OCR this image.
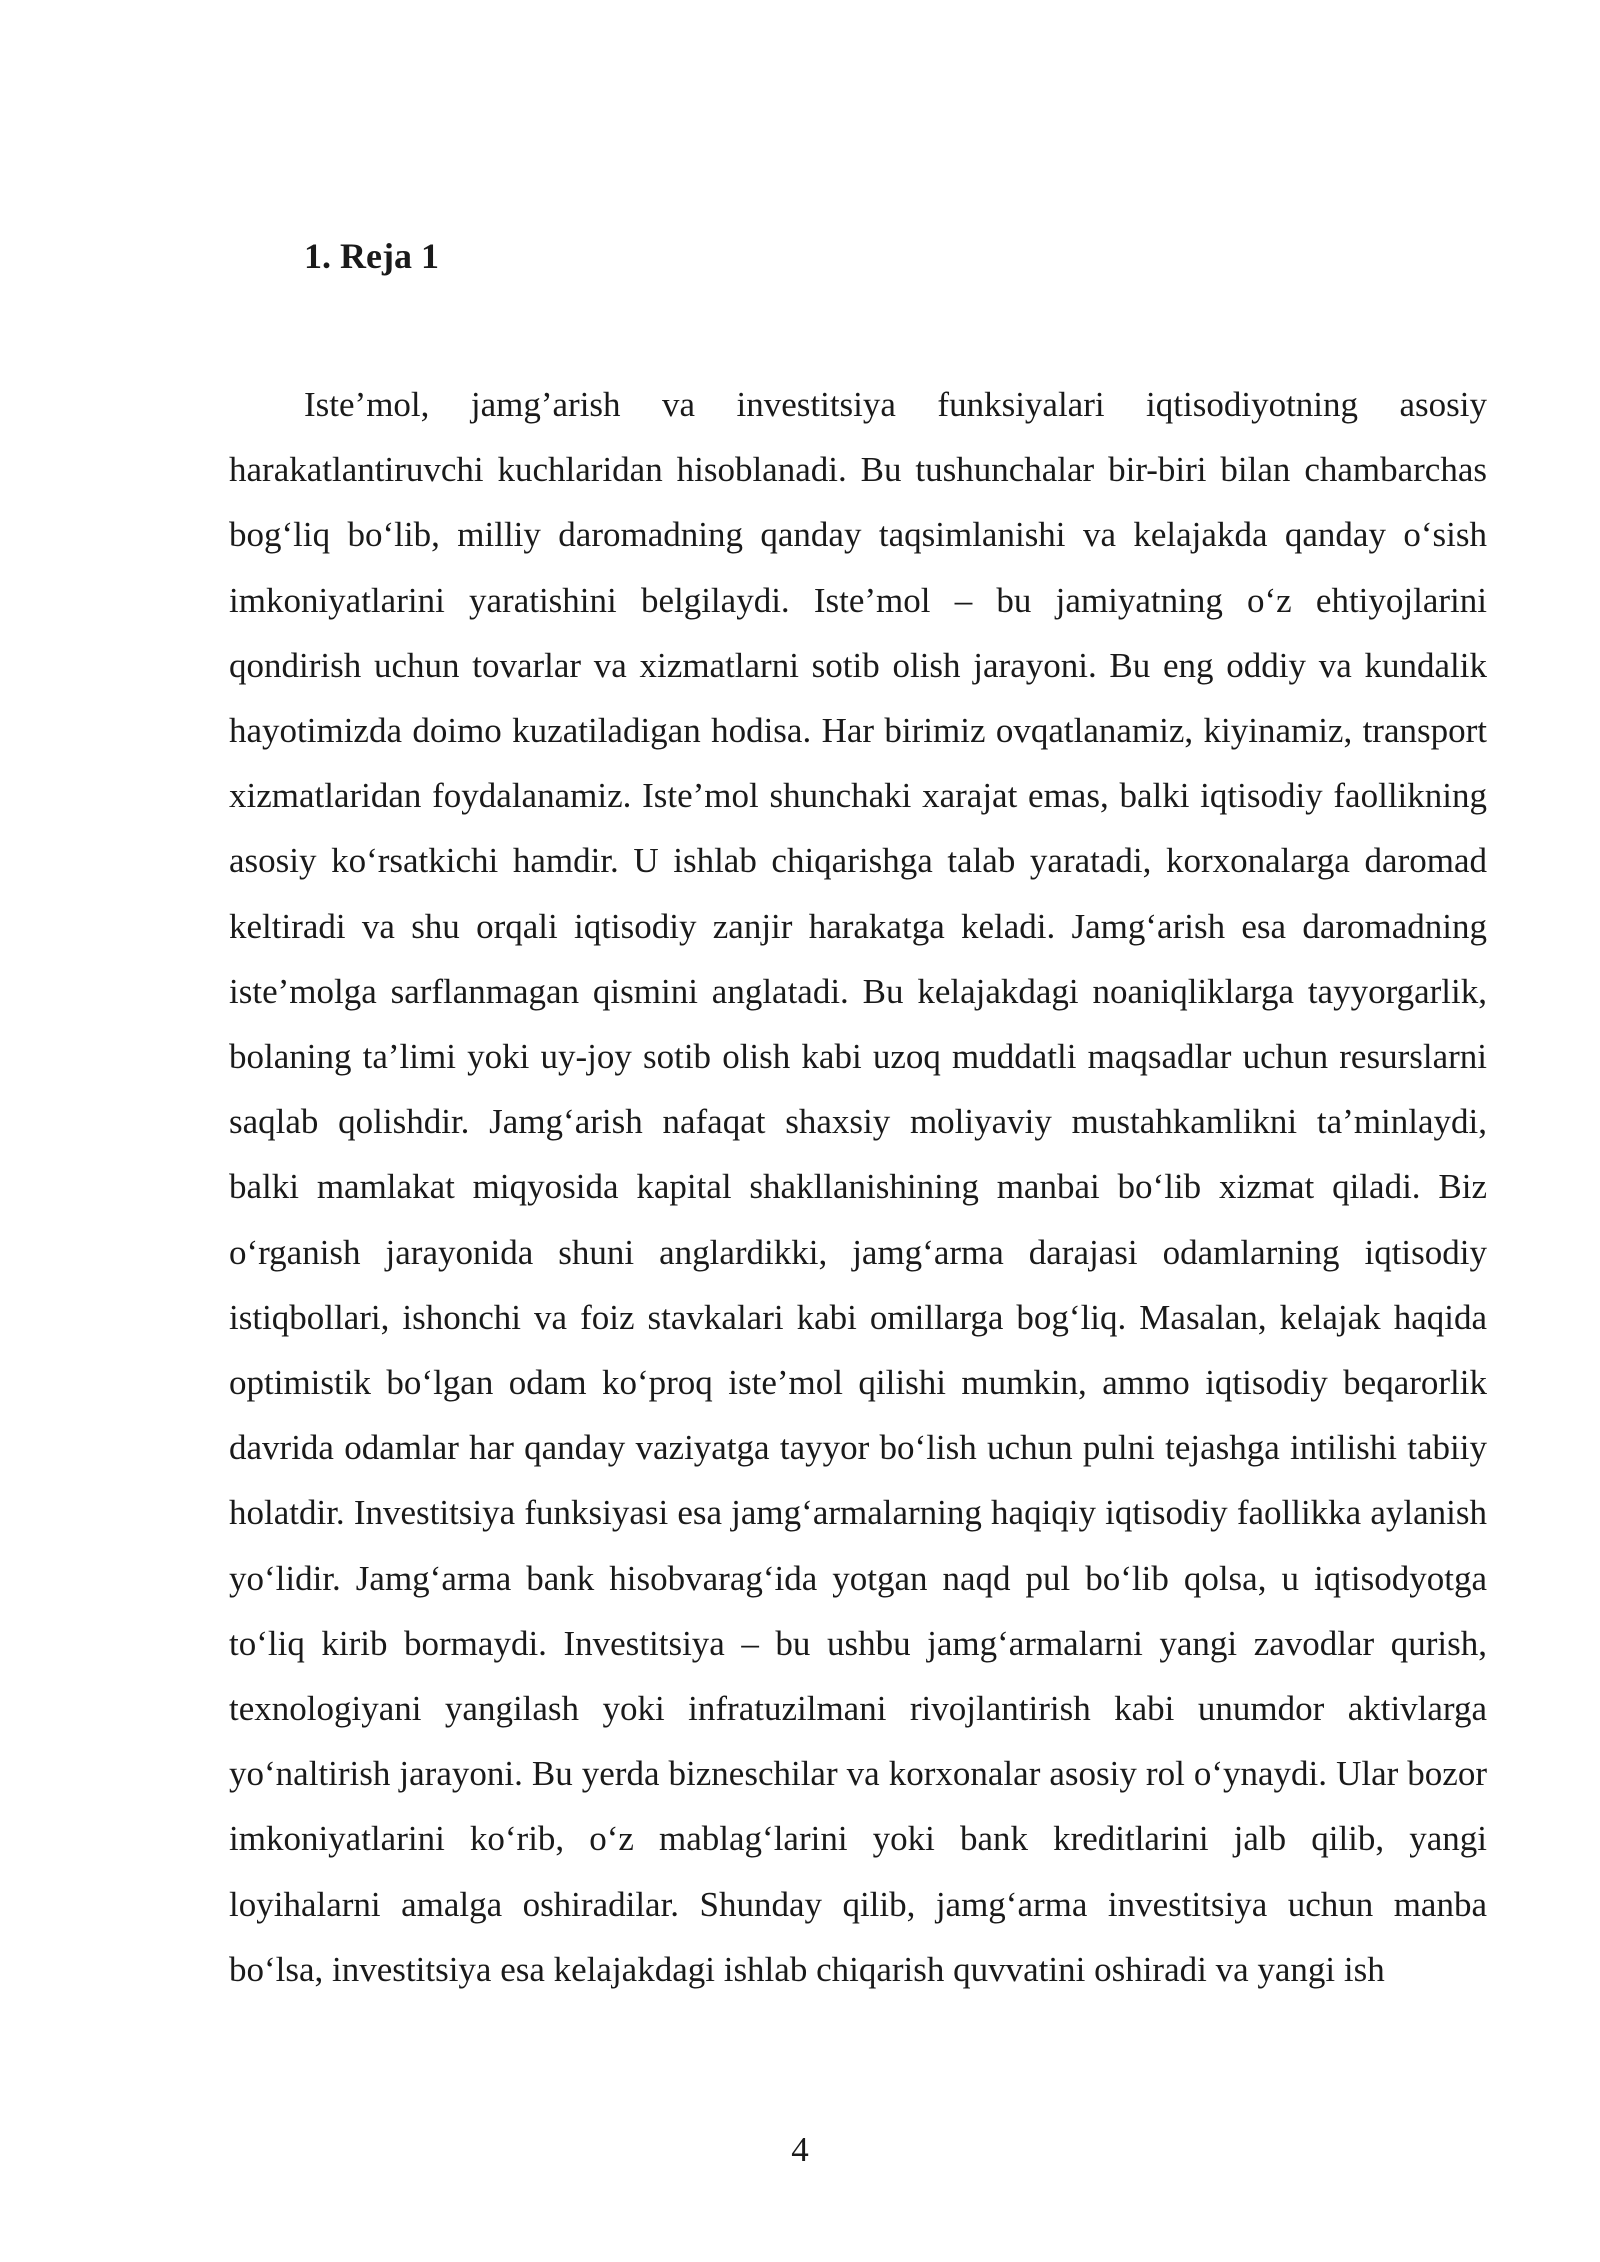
1. Reja 1

Iste’mol, jamg’arish va investitsiya funksiyalari iqtisodiyotning asosiy harakatlantiruvchi kuchlaridan hisoblanadi. Bu tushunchalar bir-biri bilan chambarchas bog‘liq bo‘lib, milliy daromadning qanday taqsimlanishi va kelajakda qanday o‘sish imkoniyatlarini yaratishini belgilaydi. Iste’mol – bu jamiyatning o‘z ehtiyojlarini qondirish uchun tovarlar va xizmatlarni sotib olish jarayoni. Bu eng oddiy va kundalik hayotimizda doimo kuzatiladigan hodisa. Har birimiz ovqatlanamiz, kiyinamiz, transport xizmatlaridan foydalanamiz. Iste’mol shunchaki xarajat emas, balki iqtisodiy faollikning asosiy ko‘rsatkichi hamdir. U ishlab chiqarishga talab yaratadi, korxonalarga daromad keltiradi va shu orqali iqtisodiy zanjir harakatga keladi. Jamg‘arish esa daromadning iste’molga sarflanmagan qismini anglatadi. Bu kelajakdagi noaniqliklarga tayyorgarlik, bolaning ta’limi yoki uy-joy sotib olish kabi uzoq muddatli maqsadlar uchun resurslarni saqlab qolishdir. Jamg‘arish nafaqat shaxsiy moliyaviy mustahkamlikni ta’minlaydi, balki mamlakat miqyosida kapital shakllanishining manbai bo‘lib xizmat qiladi. Biz o‘rganish jarayonida shuni anglardikki, jamg‘arma darajasi odamlarning iqtisodiy istiqbollari, ishonchi va foiz stavkalari kabi omillarga bog‘liq. Masalan, kelajak haqida optimistik bo‘lgan odam ko‘proq iste’mol qilishi mumkin, ammo iqtisodiy beqarorlik davrida odamlar har qanday vaziyatga tayyor bo‘lish uchun pulni tejashga intilishi tabiiy holatdir. Investitsiya funksiyasi esa jamg‘armalarning haqiqiy iqtisodiy faollikka aylanish yo‘lidir. Jamg‘arma bank hisobvarag‘ida yotgan naqd pul bo‘lib qolsa, u iqtisodyotga to‘liq kirib bormaydi. Investitsiya – bu ushbu jamg‘armalarni yangi zavodlar qurish, texnologiyani yangilash yoki infratuzilmani rivojlantirish kabi unumdor aktivlarga yo‘naltirish jarayoni. Bu yerda bizneschilar va korxonalar asosiy rol o‘ynaydi. Ular bozor imkoniyatlarini ko‘rib, o‘z mablag‘larini yoki bank kreditlarini jalb qilib, yangi loyihalarni amalga oshiradilar. Shunday qilib, jamg‘arma investitsiya uchun manba bo‘lsa, investitsiya esa kelajakdagi ishlab chiqarish quvvatini oshiradi va yangi ish

4
